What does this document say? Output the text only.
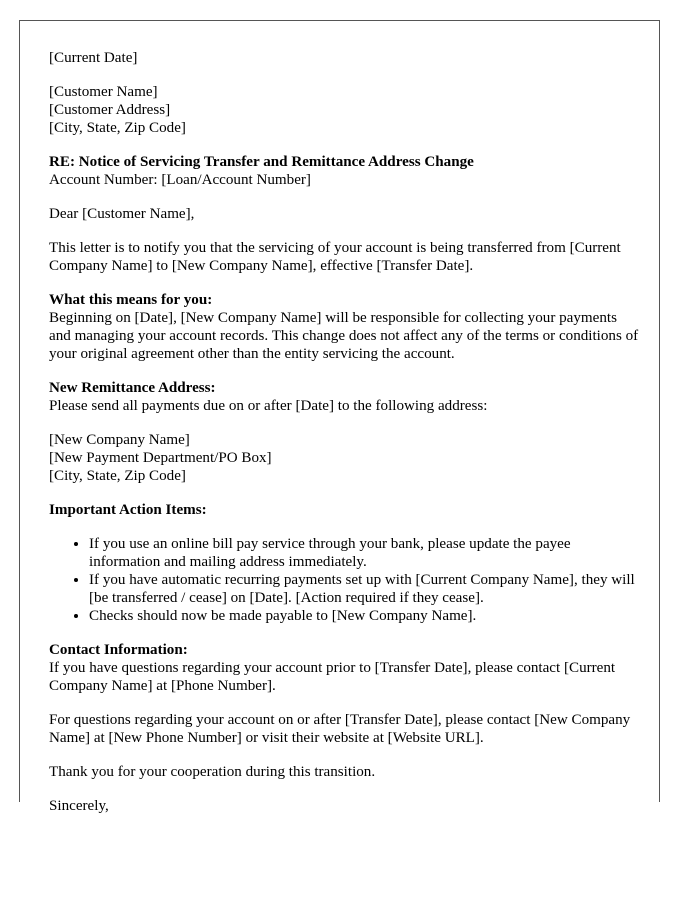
[Current Date]

[Customer Name]
[Customer Address]
[City, State, Zip Code]
RE: Notice of Servicing Transfer and Remittance Address Change
Account Number: [Loan/Account Number]

Dear [Customer Name],

This letter is to notify you that the servicing of your account is being transferred from [Current Company Name] to [New Company Name], effective [Transfer Date].

What this means for you:
Beginning on [Date], [New Company Name] will be responsible for collecting your payments and managing your account records. This change does not affect any of the terms or conditions of your original agreement other than the entity servicing the account.
New Remittance Address:
Please send all payments due on or after [Date] to the following address:
[New Company Name]
[New Payment Department/PO Box]
[City, State, Zip Code]

Important Action Items:

• If you use an online bill pay service through your bank, please update the payee information and mailing address immediately.
• If you have automatic recurring payments set up with [Current Company Name], they will [be transferred / cease] on [Date]. [Action required if they cease].
• Checks should now be made payable to [New Company Name].
Contact Information:
If you have questions regarding your account prior to [Transfer Date], please contact [Current Company Name] at [Phone Number].

For questions regarding your account on or after [Transfer Date], please contact [New Company Name] at [New Phone Number] or visit their website at [Website URL].

Thank you for your cooperation during this transition.

Sincerely,
